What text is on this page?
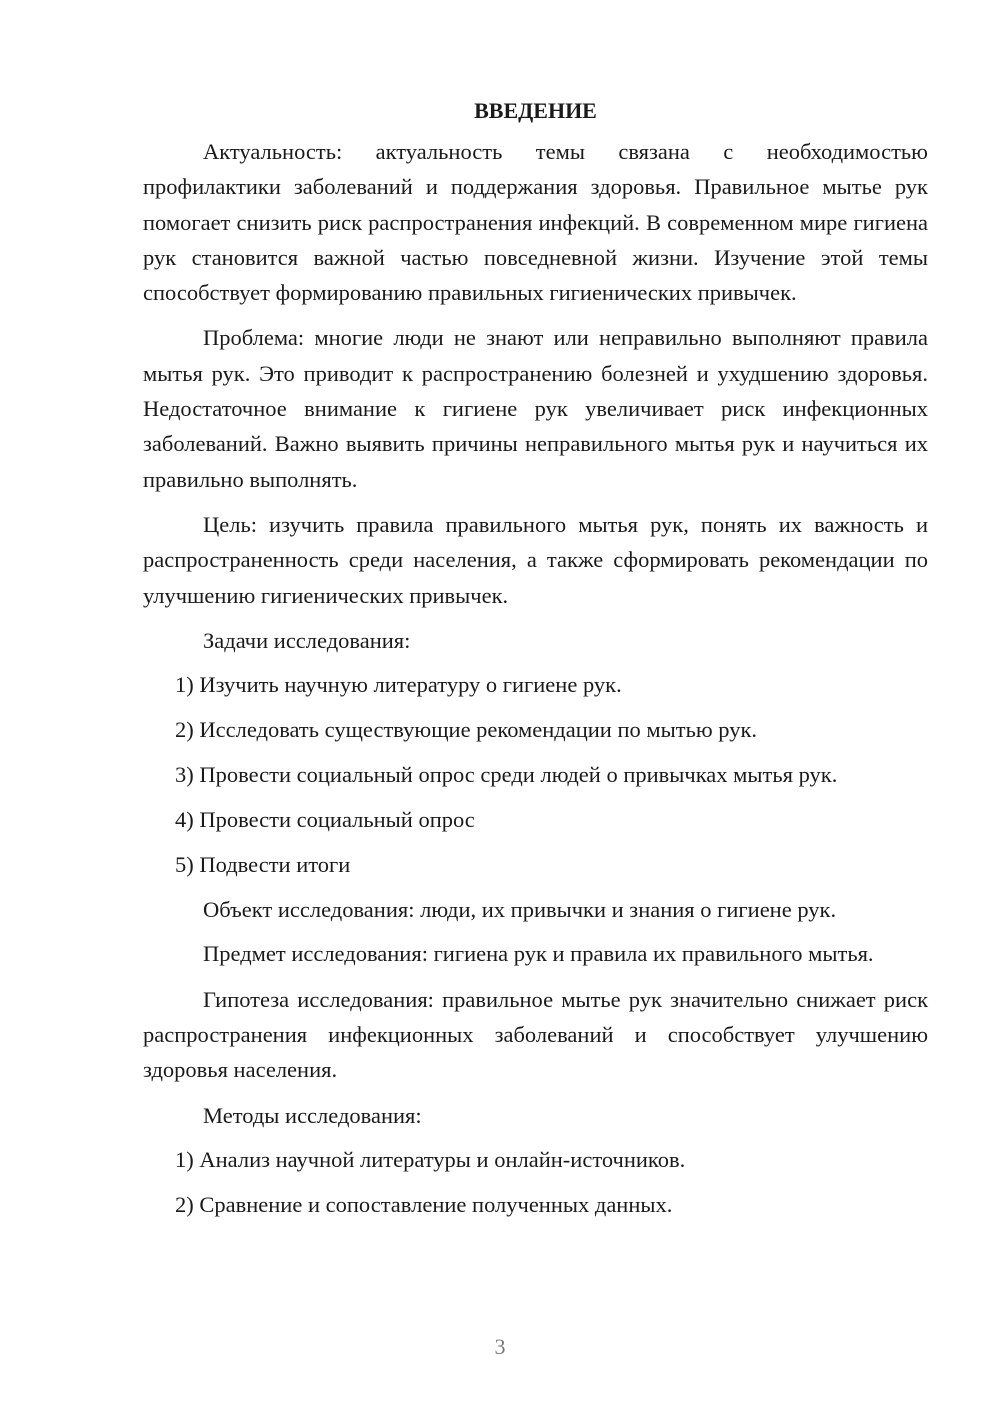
ВВЕДЕНИЕ

Актуальность: актуальность темы связана с необходимостью профилактики заболеваний и поддержания здоровья. Правильное мытье рук помогает снизить риск распространения инфекций. В современном мире гигиена рук становится важной частью повседневной жизни. Изучение этой темы способствует формированию правильных гигиенических привычек.

Проблема: многие люди не знают или неправильно выполняют правила мытья рук. Это приводит к распространению болезней и ухудшению здоровья. Недостаточное внимание к гигиене рук увеличивает риск инфекционных заболеваний. Важно выявить причины неправильного мытья рук и научиться их правильно выполнять.

Цель: изучить правила правильного мытья рук, понять их важность и распространенность среди населения, а также сформировать рекомендации по улучшению гигиенических привычек.

Задачи исследования:

1) Изучить научную литературу о гигиене рук.
2) Исследовать существующие рекомендации по мытью рук.
3) Провести социальный опрос среди людей о привычках мытья рук.
4) Провести социальный опрос
5) Подвести итоги

Объект исследования: люди, их привычки и знания о гигиене рук.

Предмет исследования: гигиена рук и правила их правильного мытья.

Гипотеза исследования: правильное мытье рук значительно снижает риск распространения инфекционных заболеваний и способствует улучшению здоровья населения.

Методы исследования:

1) Анализ научной литературы и онлайн-источников.
2) Сравнение и сопоставление полученных данных.
3
